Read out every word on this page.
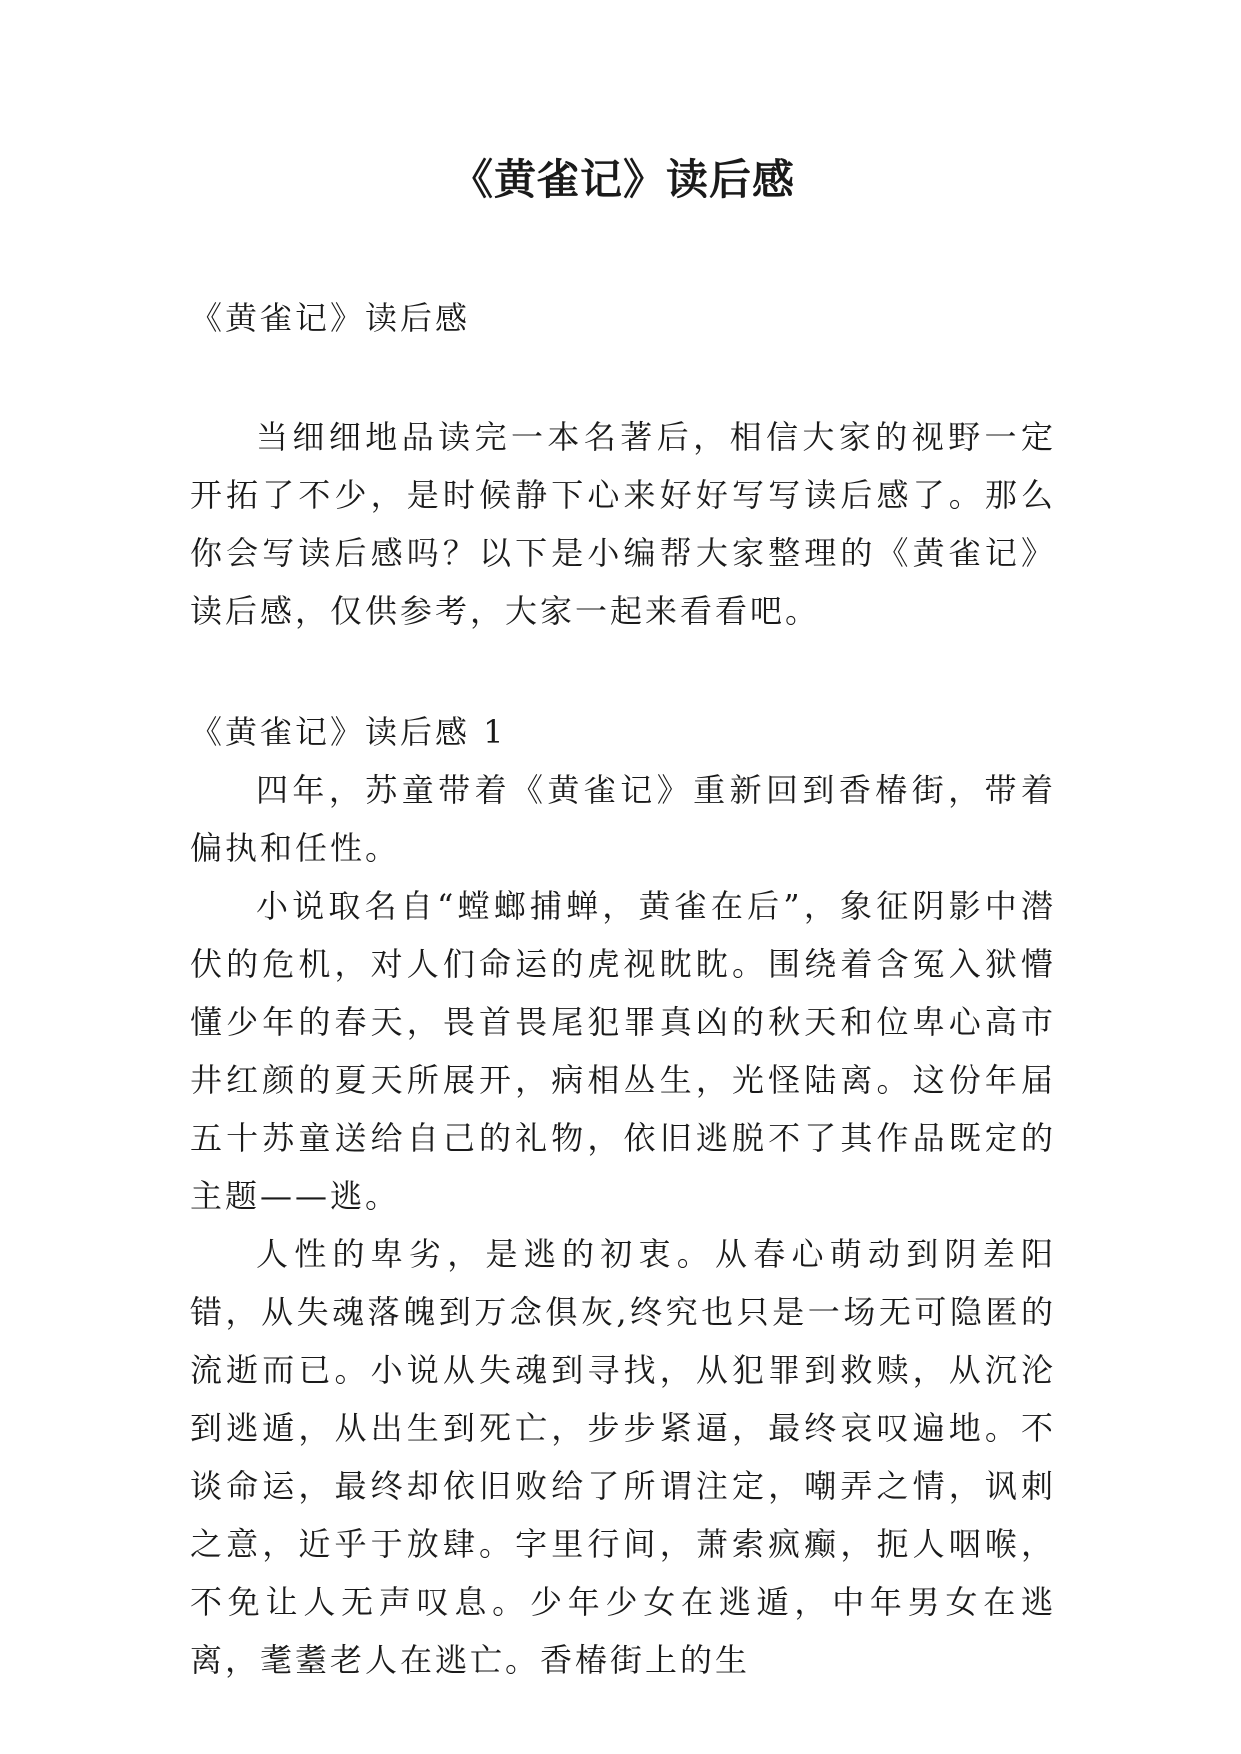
《黄雀记》读后感

《黄雀记》读后感

当细细地品读完一本名著后，相信大家的视野一定开拓了不少，是时候静下心来好好写写读后感了。那么你会写读后感吗？以下是小编帮大家整理的《黄雀记》读后感，仅供参考，大家一起来看看吧。

《黄雀记》读后感 1
四年，苏童带着《黄雀记》重新回到香椿街，带着偏执和任性。
小说取名自“螳螂捕蝉，黄雀在后”，象征阴影中潜伏的危机，对人们命运的虎视眈眈。围绕着含冤入狱懵懂少年的春天，畏首畏尾犯罪真凶的秋天和位卑心高市井红颜的夏天所展开，病相丛生，光怪陆离。这份年届五十苏童送给自己的礼物，依旧逃脱不了其作品既定的主题——逃。
人性的卑劣，是逃的初衷。从春心萌动到阴差阳错，从失魂落魄到万念俱灰,终究也只是一场无可隐匿的流逝而已。小说从失魂到寻找，从犯罪到救赎，从沉沦到逃遁，从出生到死亡，步步紧逼，最终哀叹遍地。不谈命运，最终却依旧败给了所谓注定，嘲弄之情，讽刺之意，近乎于放肆。字里行间，萧索疯癫，扼人咽喉，不免让人无声叹息。少年少女在逃遁，中年男女在逃离，耄耋老人在逃亡。香椿街上的生
